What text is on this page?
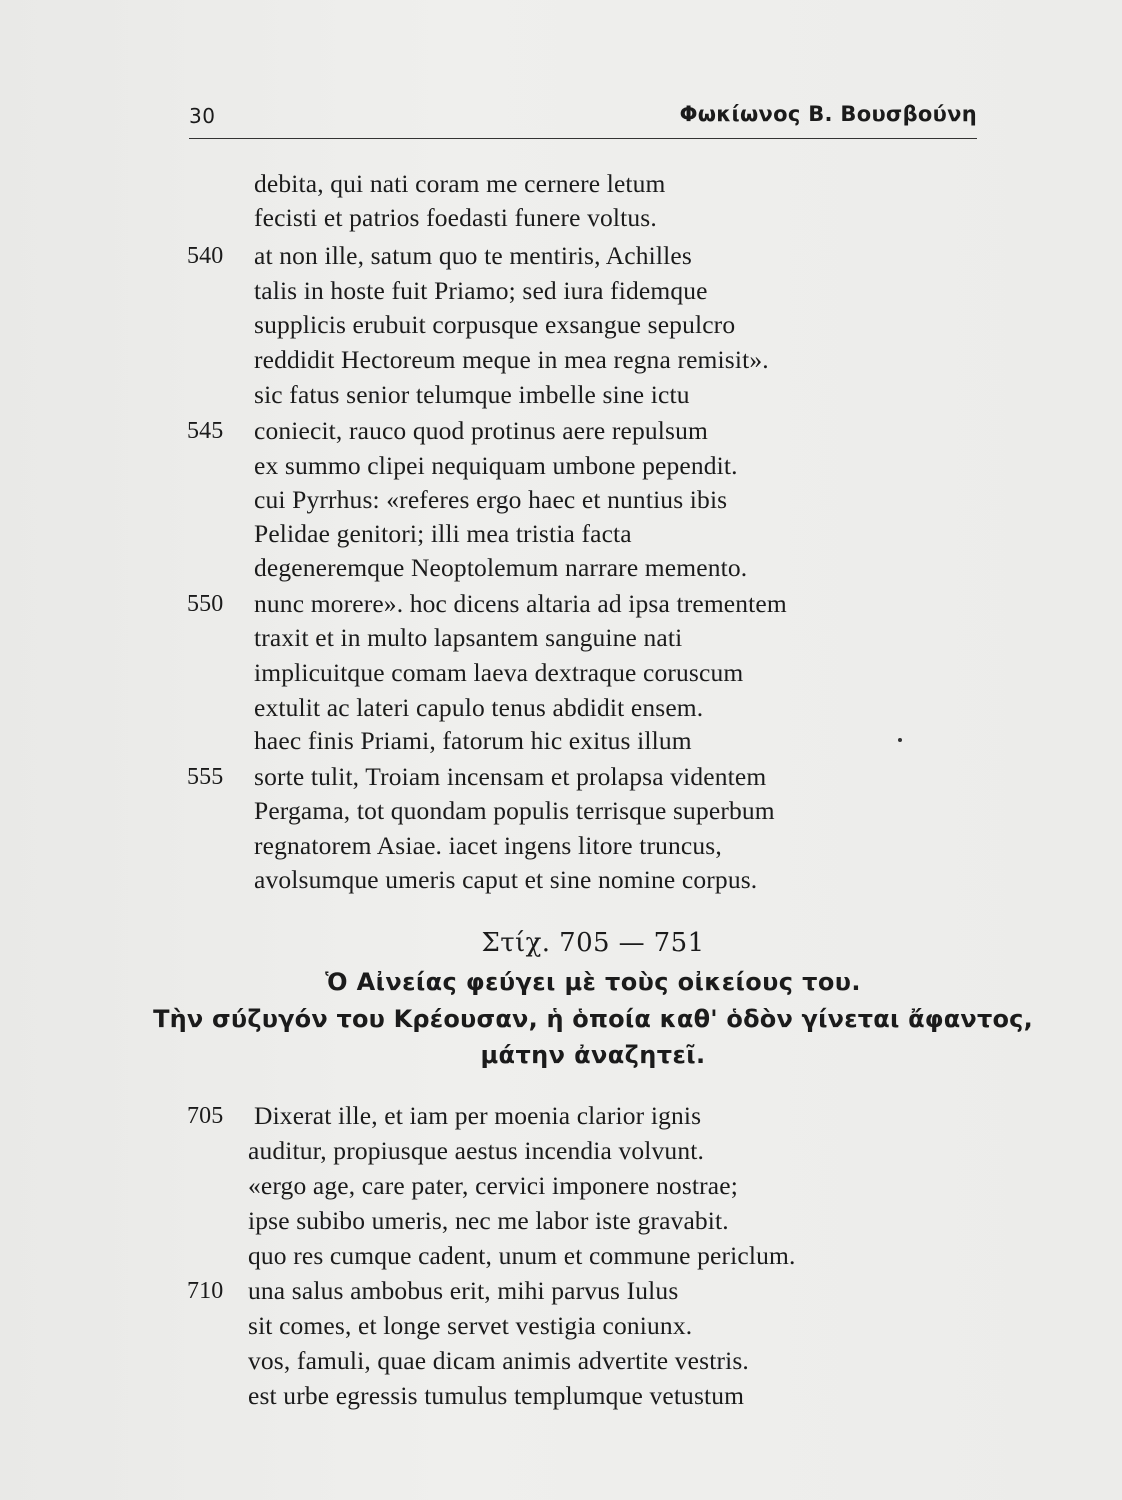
30	Φωκίωνος Β. Βουσβούνη
debita, qui nati coram me cernere letum
fecisti et patrios foedasti funere voltus.
540	at non ille, satum quo te mentiris, Achilles
talis in hoste fuit Priamo; sed iura fidemque
supplicis erubuit corpusque exsangue sepulcro
reddidit Hectoreum meque in mea regna remisit».
sic fatus senior telumque imbelle sine ictu
545	coniecit, rauco quod protinus aere repulsum
ex summo clipei nequiquam umbone pependit.
cui Pyrrhus: «referes ergo haec et nuntius ibis
Pelidae genitori; illi mea tristia facta
degeneremque Neoptolemum narrare memento.
550	nunc morere». hoc dicens altaria ad ipsa trementem
traxit et in multo lapsantem sanguine nati
implicuitque comam laeva dextraque coruscum
extulit ac lateri capulo tenus abdidit ensem.
haec finis Priami, fatorum hic exitus illum
555	sorte tulit, Troiam incensam et prolapsa videntem
Pergama, tot quondam populis terrisque superbum
regnatorem Asiae. iacet ingens litore truncus,
avolsumque umeris caput et sine nomine corpus.
Στίχ. 705 — 751
Ὁ Αἰνείας φεύγει μὲ τοὺς οἰκείους του.
Τὴν σύζυγόν του Κρέουσαν, ἡ ὁποία καθ' ὁδὸν γίνεται ἄφαντος,
μάτην ἀναζητεῖ.
705	Dixerat ille, et iam per moenia clarior ignis
auditur, propiusque aestus incendia volvunt.
«ergo age, care pater, cervici imponere nostrae;
ipse subibo umeris, nec me labor iste gravabit.
quo res cumque cadent, unum et commune periclum.
710 una salus ambobus erit, mihi parvus Iulus
sit comes, et longe servet vestigia coniunx.
vos, famuli, quae dicam animis advertite vestris.
est urbe egressis tumulus templumque vetustum
